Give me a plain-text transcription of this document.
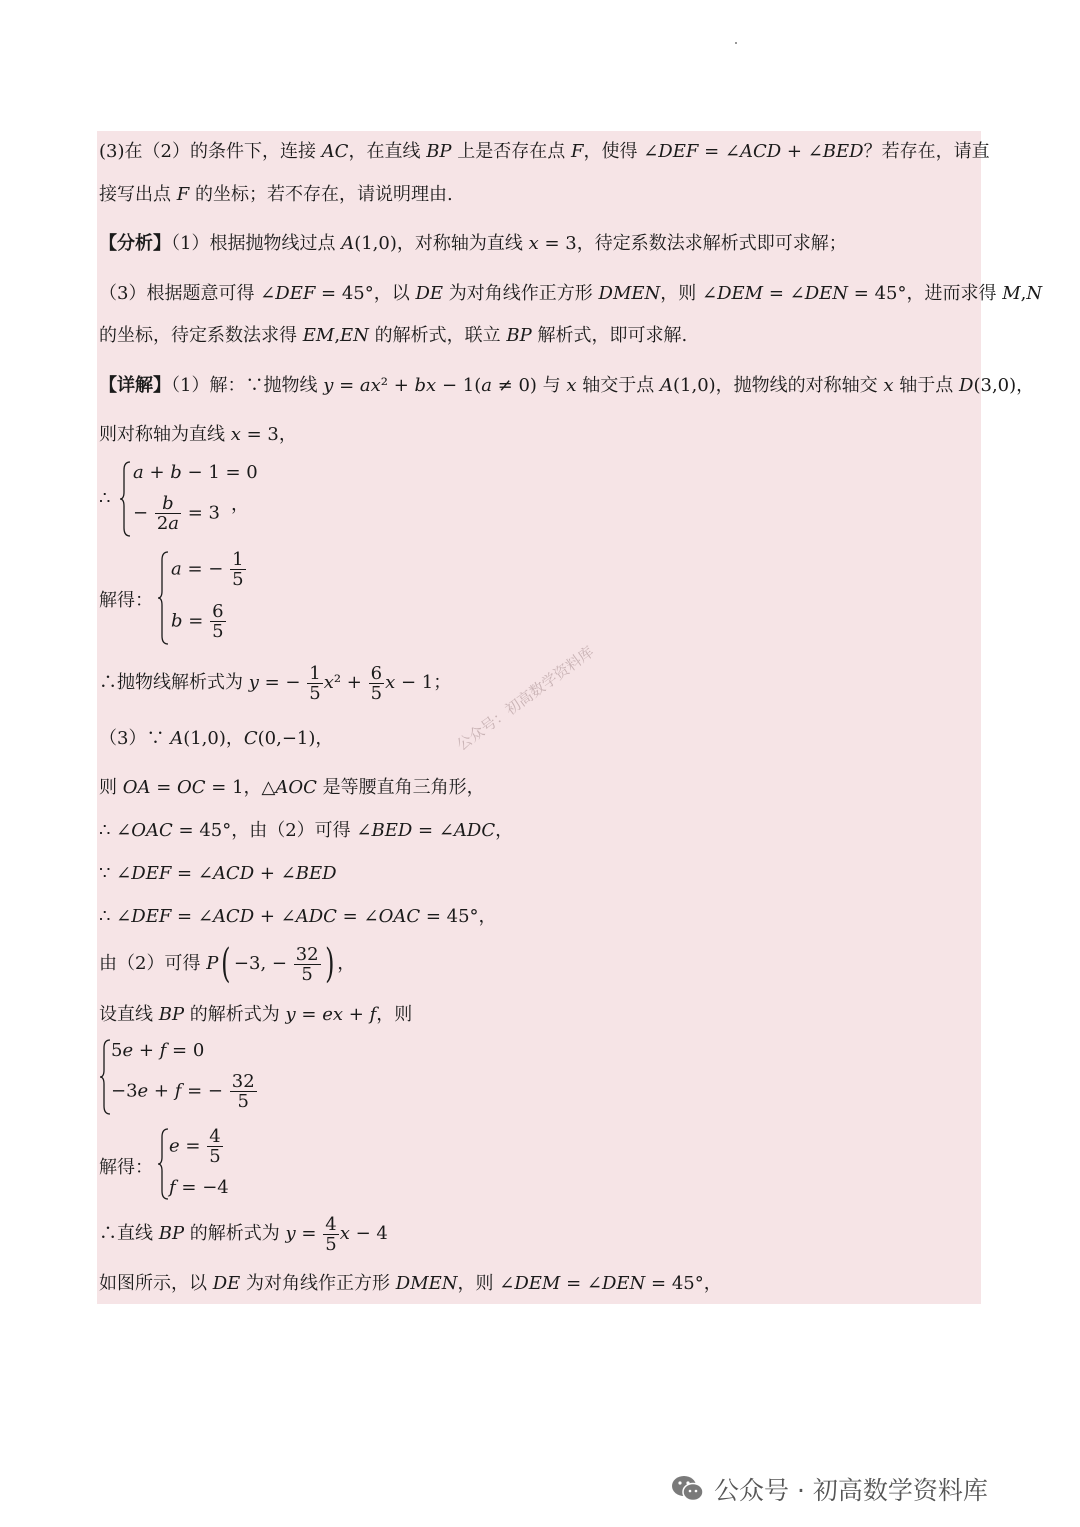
(3)在（2）的条件下，连接 AC，在直线 BP 上是否存在点 F，使得 ∠DEF = ∠ACD + ∠BED？若存在，请直
接写出点 F 的坐标；若不存在，请说明理由.
【分析】（1）根据抛物线过点 A(1,0)，对称轴为直线 x = 3，待定系数法求解析式即可求解；
（3）根据题意可得 ∠DEF = 45°，以 DE 为对角线作正方形 DMEN，则 ∠DEM = ∠DEN = 45°，进而求得 M,N
的坐标，待定系数法求得 EM,EN 的解析式，联立 BP 解析式，即可求解.
【详解】（1）解：∵抛物线 y = ax² + bx − 1(a ≠ 0) 与 x 轴交于点 A(1,0)，抛物线的对称轴交 x 轴于点 D(3,0)，
则对称轴为直线 x = 3，
∴
a + b − 1 = 0
− $\frac{b}{2a} = 3$ ，
解得：
a = − $\frac{1}{5}$
$b = \frac{6}{5}$
∴抛物线解析式为 y = − $\frac{1}{5} x^2 + \frac{6}{5}$ x − 1；
（3）∵ A(1,0)，C(0,−1)，
则 OA = OC = 1，△AOC 是等腰直角三角形，
∴ ∠OAC = 45°，由（2）可得 ∠BED = ∠ADC，
∵ ∠DEF = ∠ACD + ∠BED
∴ ∠DEF = ∠ACD + ∠ADC = ∠OAC = 45°，
由（2）可得 P( −3, − $\frac{32}{5}$ ) ，
设直线 BP 的解析式为 y = ex + f，则
5e + f = 0
−3e + f = − $\frac{32}{5}$
解得：
$e = \frac{4}{5}$
f = −4
∴直线 BP 的解析式为 $y = \frac{4}{5}$ x − 4
如图所示，以 DE 为对角线作正方形 DMEN，则 ∠DEM = ∠DEN = 45°，
公众号：初高数学资料库
公众号 · 初高数学资料库
